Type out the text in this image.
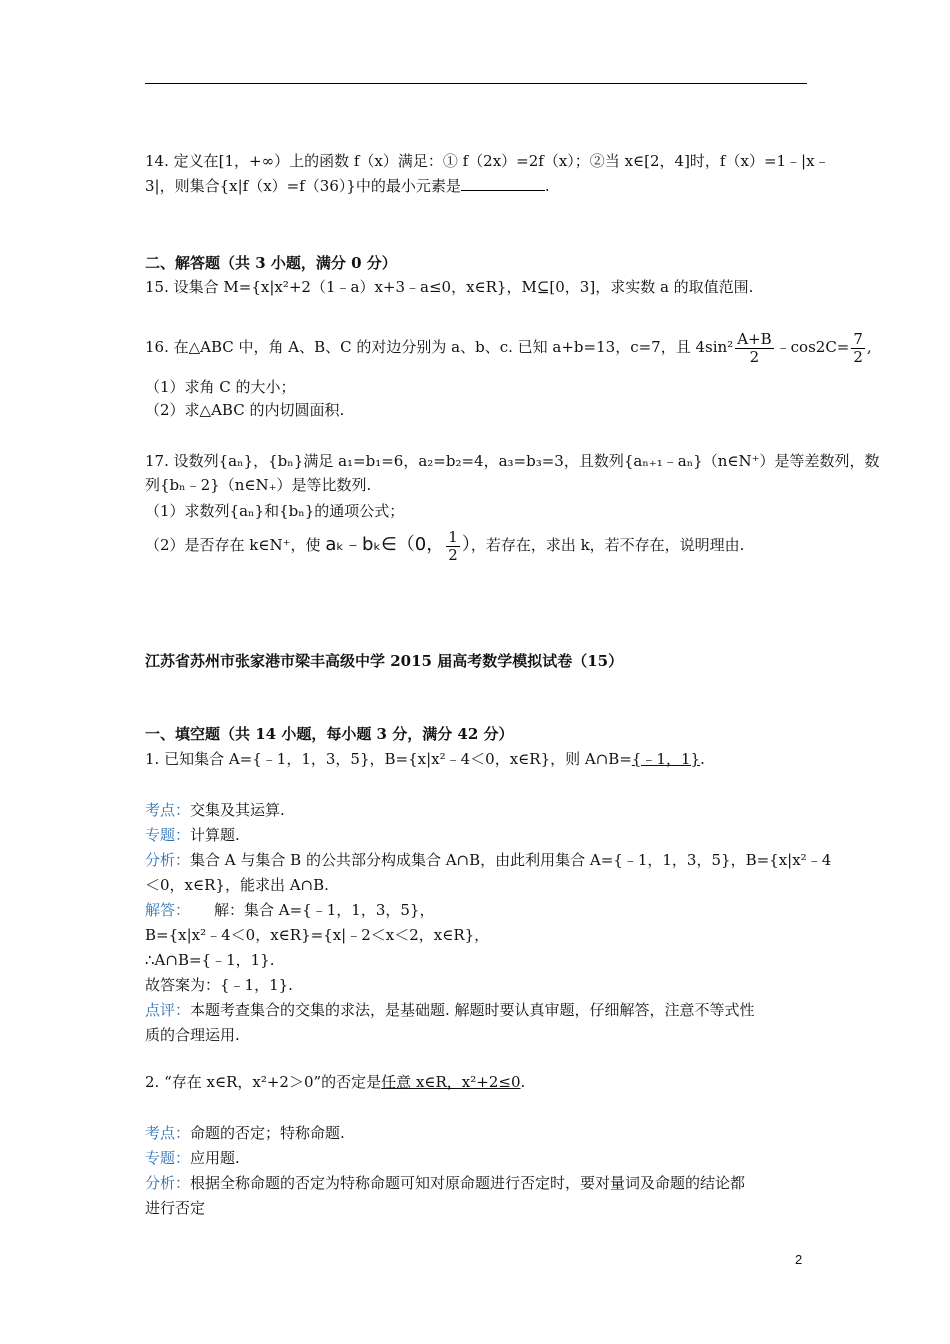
14. 定义在[1，+∞）上的函数 f（x）满足：① f（2x）=2f（x）；②当 x∈[2，4]时，f（x）=1﹣|x﹣
3|，则集合{x|f（x）=f（36）}中的最小元素是	.
二、解答题（共 3 小题，满分 0 分）
15. 设集合 M={x|x²+2（1﹣a）x+3﹣a≤0，x∈R}，M⊆[0，3]，求实数 a 的取值范围.
16. 在△ABC 中，角 A、B、C 的对边分别为 a、b、c. 已知 a+b=13，c=7，且 $4\sin^2 \frac{A+B}{2}$ ﹣cos2C= $\frac{7}{2}$ ,
（1）求角 C 的大小；
（2）求△ABC 的内切圆面积.
17. 设数列{aₙ}，{bₙ}满足 a₁=b₁=6，a₂=b₂=4，a₃=b₃=3，且数列{aₙ₊₁﹣aₙ}（n∈N⁺）是等差数列，数
列{bₙ﹣2}（n∈N₊）是等比数列.
（1）求数列{aₙ}和{bₙ}的通项公式；
（2）是否存在 k∈N⁺，使 aₖ﹣bₖ∈（0， $\frac{1}{2}$ ），若存在，求出 k，若不存在，说明理由.
江苏省苏州市张家港市梁丰高级中学 2015 届高考数学模拟试卷（15）
一、填空题（共 14 小题，每小题 3 分，满分 42 分）
1. 已知集合 A={﹣1，1，3，5}，B={x|x²﹣4＜0，x∈R}，则 A∩B={﹣1，1}.
考点：交集及其运算.
专题：计算题.
分析：集合 A 与集合 B 的公共部分构成集合 A∩B，由此利用集合 A={﹣1，1，3，5}，B={x|x²﹣4
＜0，x∈R}，能求出 A∩B.
解答： 解：集合 A={﹣1，1，3，5}，
B={x|x²﹣4＜0，x∈R}={x|﹣2＜x＜2，x∈R}，
∴A∩B={﹣1，1}.
故答案为：{﹣1，1}.
点评：本题考查集合的交集的求法，是基础题. 解题时要认真审题，仔细解答，注意不等式性
质的合理运用.
2. “存在 x∈R，x²+2＞0”的否定是任意 x∈R，x²+2≤0.
考点：命题的否定；特称命题.
专题：应用题.
分析：根据全称命题的否定为特称命题可知对原命题进行否定时，要对量词及命题的结论都
进行否定
2
